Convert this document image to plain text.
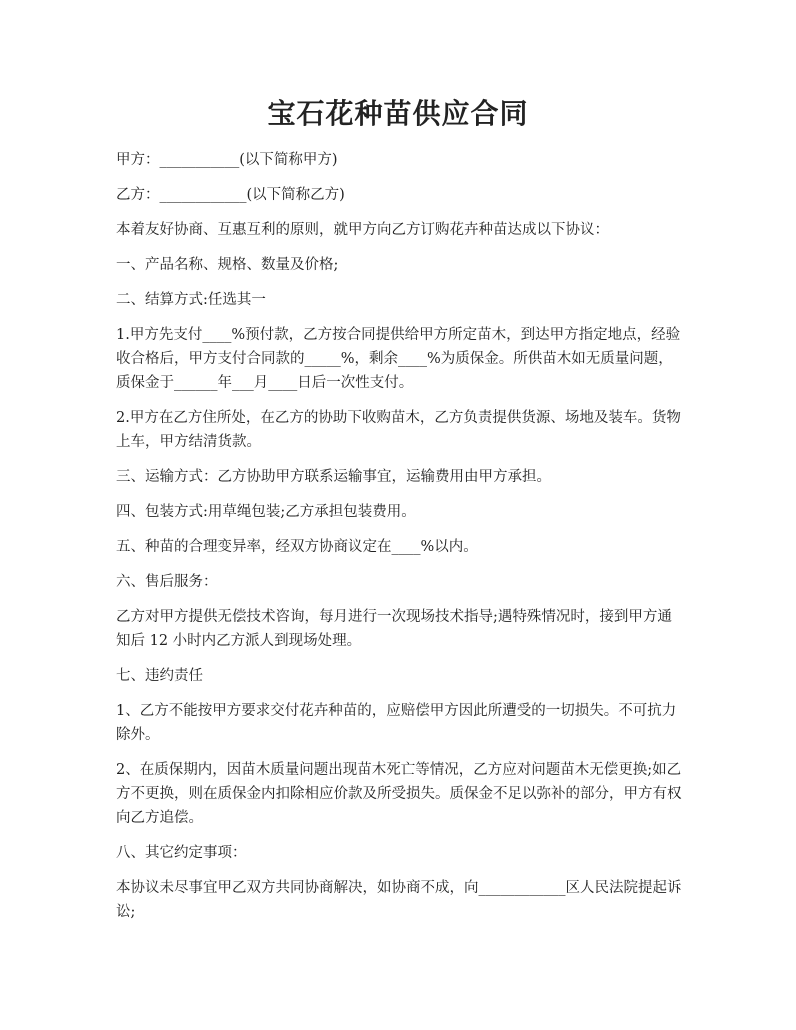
宝石花种苗供应合同

甲方：___________(以下简称甲方)

乙方：____________(以下简称乙方)

本着友好协商、互惠互利的原则，就甲方向乙方订购花卉种苗达成以下协议：

一、产品名称、规格、数量及价格;

二、结算方式:任选其一

1.甲方先支付____%预付款，乙方按合同提供给甲方所定苗木，到达甲方指定地点，经验收合格后，甲方支付合同款的_____%，剩余____%为质保金。所供苗木如无质量问题，质保金于______年___月____日后一次性支付。

2.甲方在乙方住所处，在乙方的协助下收购苗木，乙方负责提供货源、场地及装车。货物上车，甲方结清货款。

三、运输方式：乙方协助甲方联系运输事宜，运输费用由甲方承担。

四、包装方式:用草绳包装;乙方承担包装费用。

五、种苗的合理变异率，经双方协商议定在____%以内。

六、售后服务：

乙方对甲方提供无偿技术咨询，每月进行一次现场技术指导;遇特殊情况时，接到甲方通知后 12 小时内乙方派人到现场处理。

七、违约责任

1、乙方不能按甲方要求交付花卉种苗的，应赔偿甲方因此所遭受的一切损失。不可抗力除外。

2、在质保期内，因苗木质量问题出现苗木死亡等情况，乙方应对问题苗木无偿更换;如乙方不更换，则在质保金内扣除相应价款及所受损失。质保金不足以弥补的部分，甲方有权向乙方追偿。

八、其它约定事项：

本协议未尽事宜甲乙双方共同协商解决，如协商不成，向____________区人民法院提起诉讼;
